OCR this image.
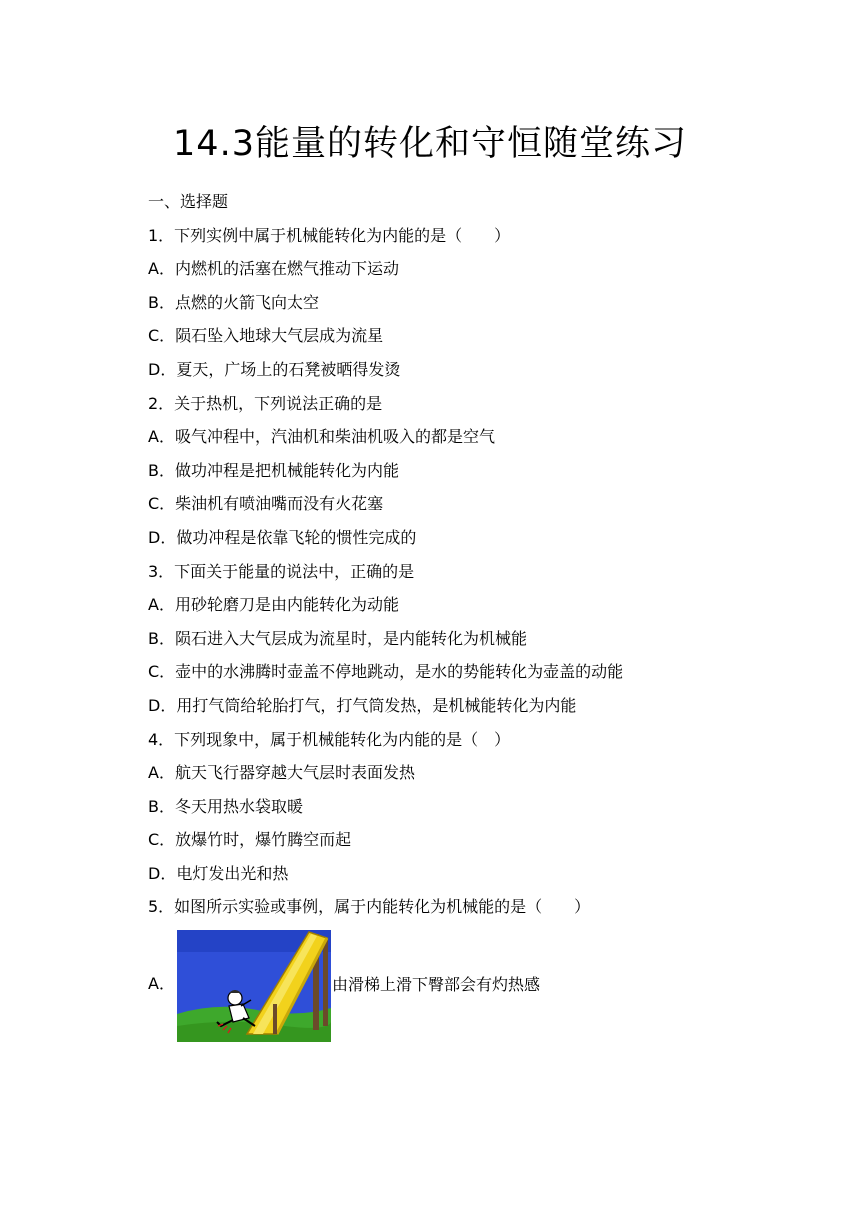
14.3能量的转化和守恒随堂练习
一、选择题
1．下列实例中属于机械能转化为内能的是（　　）
A．内燃机的活塞在燃气推动下运动
B．点燃的火箭飞向太空
C．陨石坠入地球大气层成为流星
D．夏天，广场上的石凳被晒得发烫
2．关于热机，下列说法正确的是
A．吸气冲程中，汽油机和柴油机吸入的都是空气
B．做功冲程是把机械能转化为内能
C．柴油机有喷油嘴而没有火花塞
D．做功冲程是依靠飞轮的惯性完成的
3．下面关于能量的说法中，正确的是
A．用砂轮磨刀是由内能转化为动能
B．陨石进入大气层成为流星时，是内能转化为机械能
C．壶中的水沸腾时壶盖不停地跳动，是水的势能转化为壶盖的动能
D．用打气筒给轮胎打气，打气筒发热，是机械能转化为内能
4．下列现象中，属于机械能转化为内能的是（　）
A．航天飞行器穿越大气层时表面发热
B．冬天用热水袋取暖
C．放爆竹时，爆竹腾空而起
D．电灯发出光和热
5．如图所示实验或事例，属于内能转化为机械能的是（　　）
A．	由滑梯上滑下臀部会有灼热感
